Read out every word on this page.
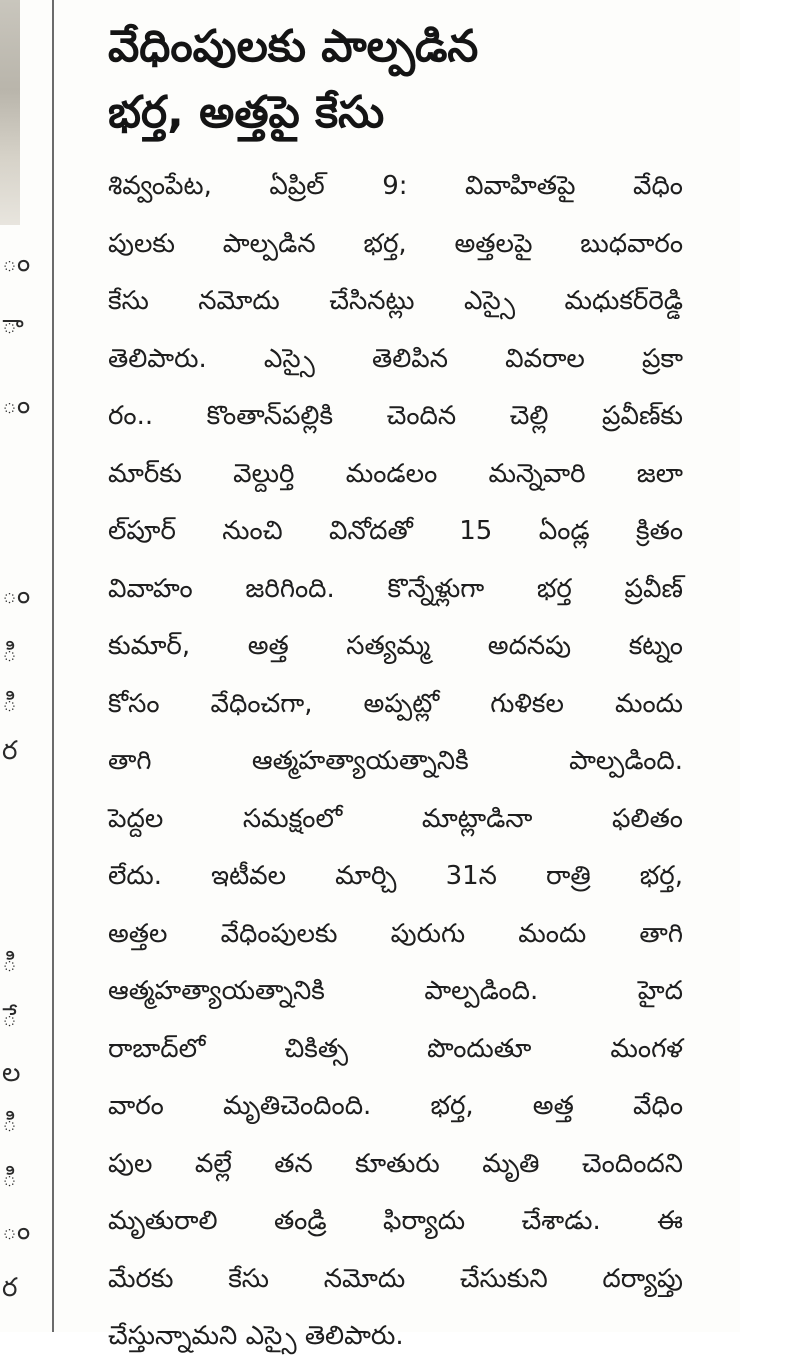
ం
ా
ం
ం
ి
ి
ర
ి
ే
ల
ి
ి
ం
ర
వేధింపులకు పాల్పడిన
భర్త, అత్తపై కేసు
శివ్వంపేట, ఏప్రిల్ 9: వివాహితపై వేధిం
పులకు పాల్పడిన భర్త, అత్తలపై బుధవారం
కేసు నమోదు చేసినట్లు ఎస్సై మధుకర్‌రెడ్డి
తెలిపారు. ఎస్సై తెలిపిన వివరాల ప్రకా
రం.. కొంతాన్‌పల్లికి చెందిన చెల్లి ప్రవీణ్‌కు
మార్‌కు వెల్దుర్తి మండలం మన్నెవారి జలా
ల్‌పూర్ నుంచి వినోదతో 15 ఏండ్ల క్రితం
వివాహం జరిగింది. కొన్నేళ్లుగా భర్త ప్రవీణ్
కుమార్, అత్త సత్యమ్మ అదనపు కట్నం
కోసం వేధించగా, అప్పట్లో గుళికల మందు
తాగి ఆత్మహత్యాయత్నానికి పాల్పడింది.
పెద్దల సమక్షంలో మాట్లాడినా ఫలితం
లేదు. ఇటీవల మార్చి 31న రాత్రి భర్త,
అత్తల వేధింపులకు పురుగు మందు తాగి
ఆత్మహత్యాయత్నానికి పాల్పడింది. హైద
రాబాద్‌లో చికిత్స పొందుతూ మంగళ
వారం మృతిచెందింది. భర్త, అత్త వేధిం
పుల వల్లే తన కూతురు మృతి చెందిందని
మృతురాలి తండ్రి ఫిర్యాదు చేశాడు. ఈ
మేరకు కేసు నమోదు చేసుకుని దర్యాప్తు
చేస్తున్నామని ఎస్సై తెలిపారు.
